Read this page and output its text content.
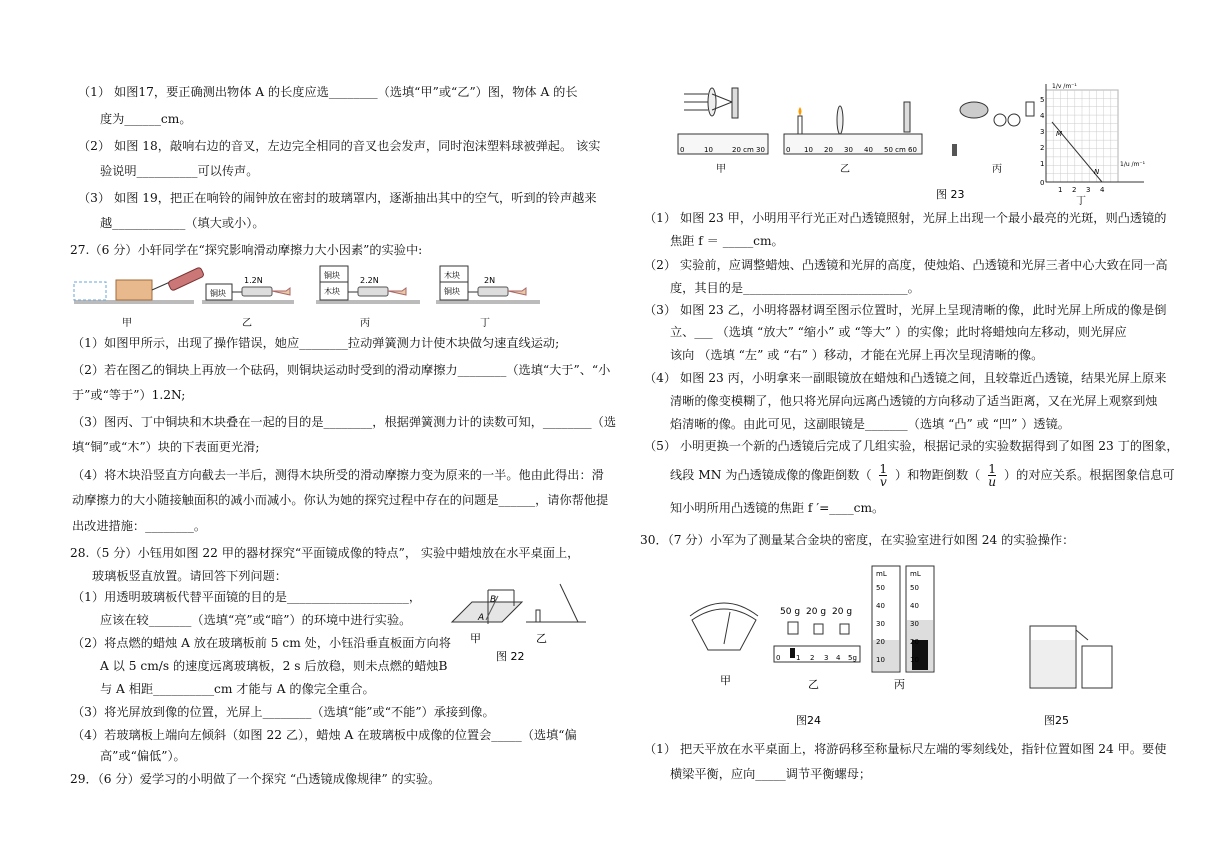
（1） 如图17，要正确测出物体 A 的长度应选________（选填“甲”或“乙”）图，物体 A 的长
度为______cm。
（2） 如图 18，敲响右边的音叉，左边完全相同的音叉也会发声，同时泡沫塑料球被弹起。 该实
验说明__________可以传声。
（3） 如图 19，把正在响铃的闹钟放在密封的玻璃罩内，逐渐抽出其中的空气，听到的铃声越来
越____________（填大或小）。
27.（6 分）小轩同学在“探究影响滑动摩擦力大小因素”的实验中:
铜块
1.2N
铜块
木块
2.2N
木块
铜块
2N
甲	乙	丙	丁
（1）如图甲所示，出现了操作错误，她应________拉动弹簧测力计使木块做匀速直线运动;
（2）若在图乙的铜块上再放一个砝码，则铜块运动时受到的滑动摩擦力________（选填“大于”、“小
于”或“等于”）1.2N;
（3）图丙、丁中铜块和木块叠在一起的目的是________，根据弹簧测力计的读数可知，________（选
填“铜”或“木”）块的下表面更光滑;
（4）将木块沿竖直方向截去一半后，测得木块所受的滑动摩擦力变为原来的一半。他由此得出：滑
动摩擦力的大小随接触面积的减小而减小。你认为她的探究过程中存在的问题是______，请你帮他提
出改进措施：________。
28.（5 分）小钰用如图 22 甲的器材探究“平面镜成像的特点”， 实验中蜡烛放在水平桌面上，
玻璃板竖直放置。请回答下列问题：
（1）用透明玻璃板代替平面镜的目的是____________________，
应该在较_______（选填“亮”或“暗”）的环境中进行实验。
（2）将点燃的蜡烛 A 放在玻璃板前 5 cm 处，小钰沿垂直板面方向将
A 以 5 cm/s 的速度远离玻璃板，2 s 后放稳，则未点燃的蜡烛B
与 A 相距__________cm 才能与 A 的像完全重合。
（3）将光屏放到像的位置，光屏上________（选填“能”或“不能”）承接到像。
（4）若玻璃板上端向左倾斜（如图 22 乙），蜡烛 A 在玻璃板中成像的位置会_____（选填“偏
高”或“偏低”）。
B
A
甲	乙
图 22
29．（6 分）爱学习的小明做了一个探究 “凸透镜成像规律” 的实验。
0	10	20 cm 30	0 10 20 30 40 50 cm 60
甲	乙	丙
图 23
M
N
1/v /m⁻¹
1/u /m⁻¹
0
1 2 3 4
1
2
3
4
5
丁
（1） 如图 23 甲，小明用平行光正对凸透镜照射，光屏上出现一个最小最亮的光斑，则凸透镜的
焦距 f ＝ _____cm。
（2） 实验前，应调整蜡烛、凸透镜和光屏的高度，使烛焰、凸透镜和光屏三者中心大致在同一高
度，其目的是___________________________。
（3） 如图 23 乙，小明将器材调至图示位置时，光屏上呈现清晰的像，此时光屏上所成的像是倒
立、___ （选填 “放大” “缩小” 或 “等大” ）的实像；此时将蜡烛向左移动，则光屏应
该向 （选填 “左” 或 “右” ）移动，才能在光屏上再次呈现清晰的像。
（4） 如图 23 丙，小明拿来一副眼镜放在蜡烛和凸透镜之间，且较靠近凸透镜，结果光屏上原来
清晰的像变模糊了，他只将光屏向远离凸透镜的方向移动了适当距离，又在光屏上观察到烛
焰清晰的像。由此可见，这副眼镜是_______（选填 “凸” 或 “凹” ）透镜。
（5） 小明更换一个新的凸透镜后完成了几组实验，根据记录的实验数据得到了如图 23 丁的图象，
线段 MN 为凸透镜成像的像距倒数（ $\frac{1}{v}$ ）和物距倒数（ $\frac{1}{u}$ ）的对应关系。根据图象信息可
知小明所用凸透镜的焦距 f ′=____cm。
30．（7 分）小军为了测量某合金块的密度，在实验室进行如图 24 的实验操作：
甲
50 g 20 g 20 g
0 1 2 3 4 5g
乙
mL	mL
50
40
30
20
10
50
40
30
20
10
丙
图24	图25
（1） 把天平放在水平桌面上，将游码移至称量标尺左端的零刻线处，指针位置如图 24 甲。要使
横梁平衡，应向_____调节平衡螺母；
